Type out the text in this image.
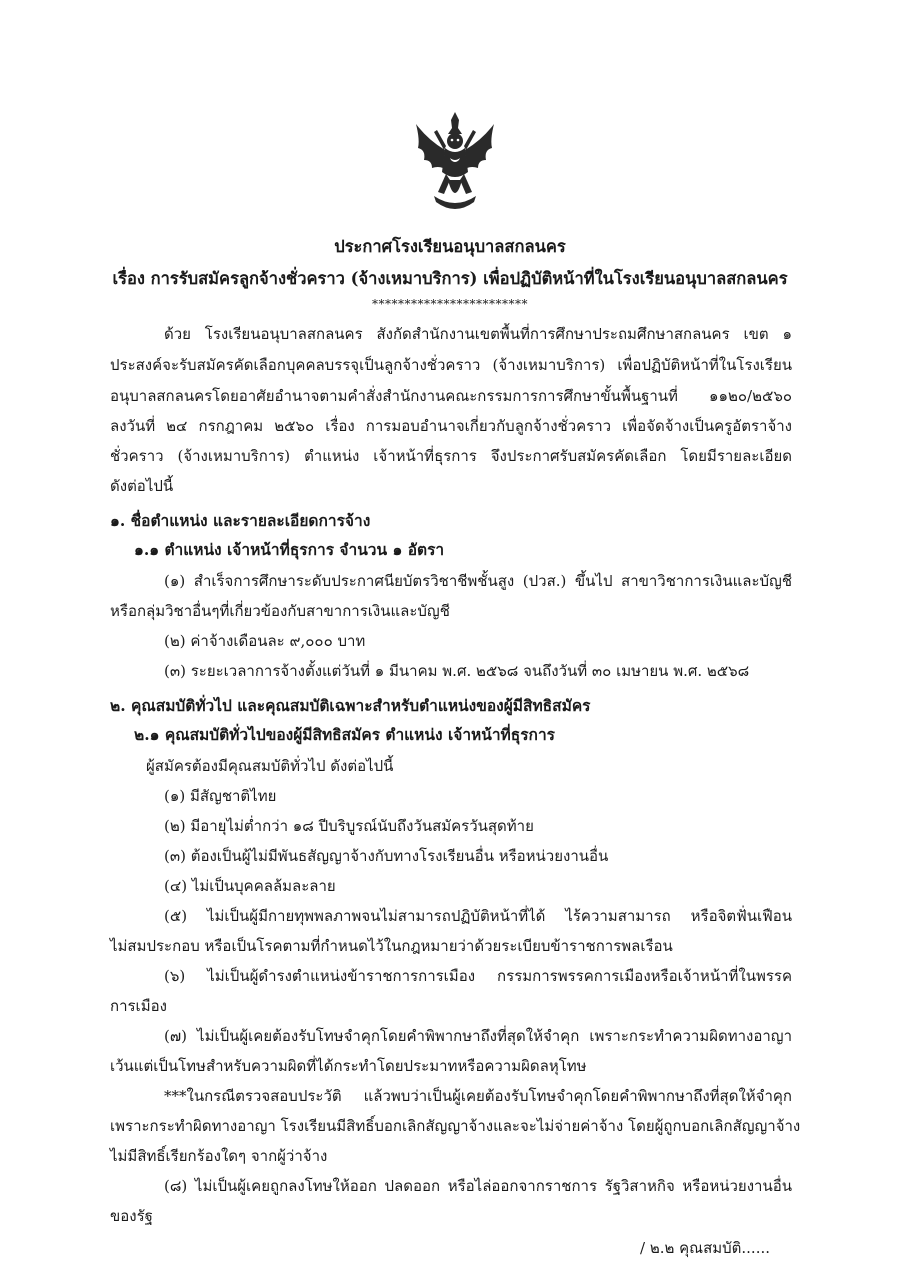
ประกาศโรงเรียนอนุบาลสกลนคร
เรื่อง การรับสมัครลูกจ้างชั่วคราว (จ้างเหมาบริการ) เพื่อปฏิบัติหน้าที่ในโรงเรียนอนุบาลสกลนคร
************************
ด้วย โรงเรียนอนุบาลสกลนคร สังกัดสำนักงานเขตพื้นที่การศึกษาประถมศึกษาสกลนคร เขต ๑
ประสงค์จะรับสมัครคัดเลือกบุคคลบรรจุเป็นลูกจ้างชั่วคราว (จ้างเหมาบริการ) เพื่อปฏิบัติหน้าที่ในโรงเรียน
อนุบาลสกลนครโดยอาศัยอำนาจตามคำสั่งสำนักงานคณะกรรมการการศึกษาขั้นพื้นฐานที่ ๑๑๒๐/๒๕๖๐
ลงวันที่ ๒๔ กรกฎาคม ๒๕๖๐ เรื่อง การมอบอำนาจเกี่ยวกับลูกจ้างชั่วคราว เพื่อจัดจ้างเป็นครูอัตราจ้าง
ชั่วคราว (จ้างเหมาบริการ) ตำแหน่ง เจ้าหน้าที่ธุรการ จึงประกาศรับสมัครคัดเลือก โดยมีรายละเอียด
ดังต่อไปนี้
๑. ชื่อตำแหน่ง และรายละเอียดการจ้าง
๑.๑ ตำแหน่ง เจ้าหน้าที่ธุรการ จำนวน ๑ อัตรา
(๑) สำเร็จการศึกษาระดับประกาศนียบัตรวิชาชีพชั้นสูง (ปวส.) ขึ้นไป สาขาวิชาการเงินและบัญชี
หรือกลุ่มวิชาอื่นๆที่เกี่ยวข้องกับสาขาการเงินและบัญชี
(๒) ค่าจ้างเดือนละ ๙,๐๐๐ บาท
(๓) ระยะเวลาการจ้างตั้งแต่วันที่ ๑ มีนาคม พ.ศ. ๒๕๖๘ จนถึงวันที่ ๓๐ เมษายน พ.ศ. ๒๕๖๘
๒. คุณสมบัติทั่วไป และคุณสมบัติเฉพาะสำหรับตำแหน่งของผู้มีสิทธิสมัคร
๒.๑ คุณสมบัติทั่วไปของผู้มีสิทธิสมัคร ตำแหน่ง เจ้าหน้าที่ธุรการ
ผู้สมัครต้องมีคุณสมบัติทั่วไป ดังต่อไปนี้
(๑) มีสัญชาติไทย
(๒) มีอายุไม่ต่ำกว่า ๑๘ ปีบริบูรณ์นับถึงวันสมัครวันสุดท้าย
(๓) ต้องเป็นผู้ไม่มีพันธสัญญาจ้างกับทางโรงเรียนอื่น หรือหน่วยงานอื่น
(๔) ไม่เป็นบุคคลล้มละลาย
(๕) ไม่เป็นผู้มีกายทุพพลภาพจนไม่สามารถปฏิบัติหน้าที่ได้ ไร้ความสามารถ หรือจิตฟั่นเฟือน
ไม่สมประกอบ หรือเป็นโรคตามที่กำหนดไว้ในกฎหมายว่าด้วยระเบียบข้าราชการพลเรือน
(๖) ไม่เป็นผู้ดำรงตำแหน่งข้าราชการการเมือง กรรมการพรรคการเมืองหรือเจ้าหน้าที่ในพรรค
การเมือง
(๗) ไม่เป็นผู้เคยต้องรับโทษจำคุกโดยคำพิพากษาถึงที่สุดให้จำคุก เพราะกระทำความผิดทางอาญา
เว้นแต่เป็นโทษสำหรับความผิดที่ได้กระทำโดยประมาทหรือความผิดลหุโทษ
***ในกรณีตรวจสอบประวัติ แล้วพบว่าเป็นผู้เคยต้องรับโทษจำคุกโดยคำพิพากษาถึงที่สุดให้จำคุก
เพราะกระทำผิดทางอาญา โรงเรียนมีสิทธิ์บอกเลิกสัญญาจ้างและจะไม่จ่ายค่าจ้าง โดยผู้ถูกบอกเลิกสัญญาจ้าง
ไม่มีสิทธิ์เรียกร้องใดๆ จากผู้ว่าจ้าง
(๘) ไม่เป็นผู้เคยถูกลงโทษให้ออก ปลดออก หรือไล่ออกจากราชการ รัฐวิสาหกิจ หรือหน่วยงานอื่น
ของรัฐ
/ ๒.๒ คุณสมบัติ......
